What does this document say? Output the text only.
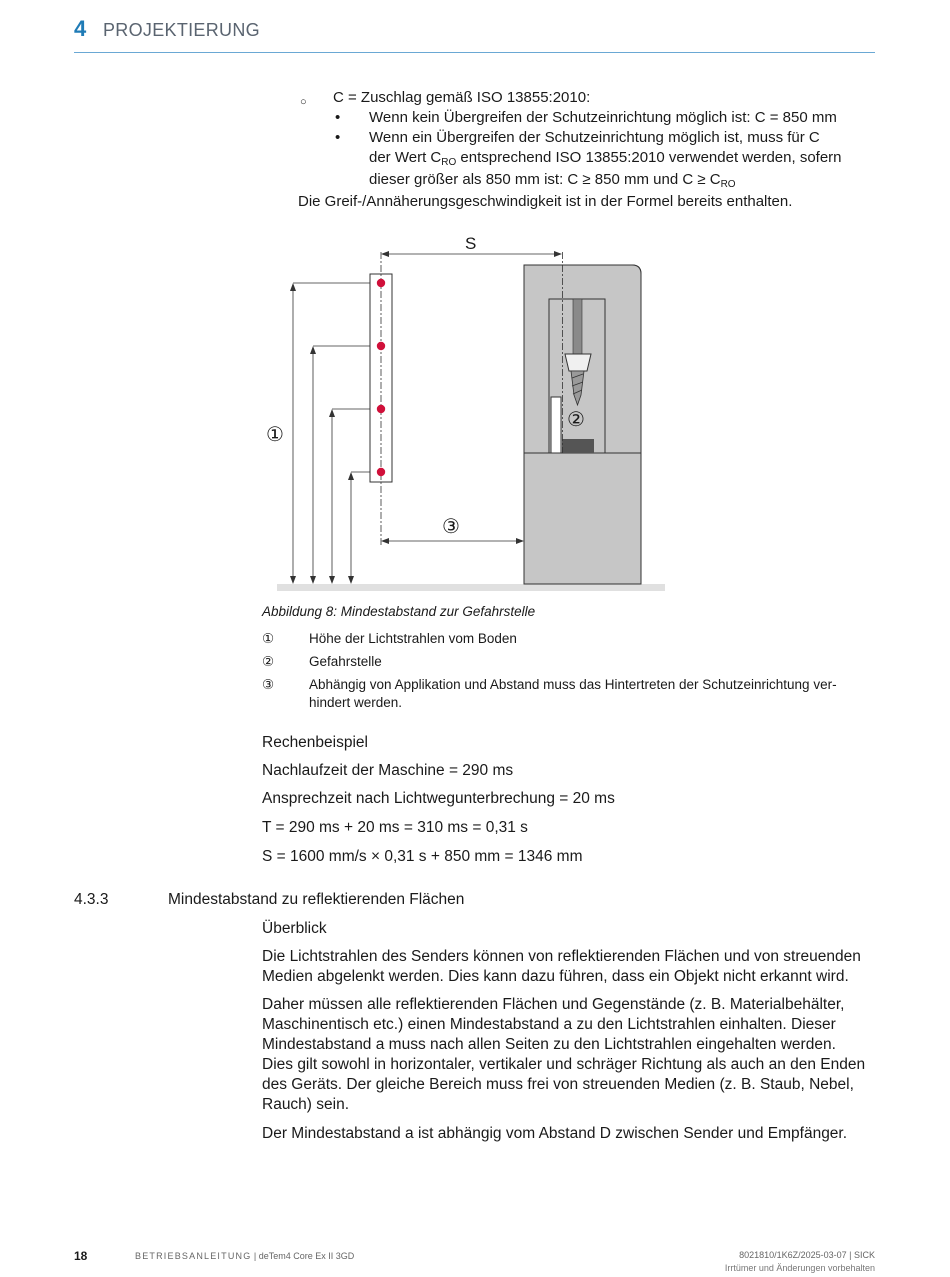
4 PROJEKTIERUNG
○ C = Zuschlag gemäß ISO 13855:2010:
• Wenn kein Übergreifen der Schutzeinrichtung möglich ist: C = 850 mm
• Wenn ein Übergreifen der Schutzeinrichtung möglich ist, muss für C
der Wert $C_{RO}$ entsprechend ISO 13855:2010 verwendet werden, sofern
dieser größer als 850 mm ist: C ≥ 850 mm und $C \ge C_{RO}$
Die Greif-/Annäherungsgeschwindigkeit ist in der Formel bereits enthalten.
S
①
②
③
Abbildung 8: Mindestabstand zur Gefahrstelle
①	Höhe der Lichtstrahlen vom Boden
②	Gefahrstelle
③	Abhängig von Applikation und Abstand muss das Hintertreten der Schutzeinrichtung ver-
hindert werden.
Rechenbeispiel
Nachlaufzeit der Maschine = 290 ms
Ansprechzeit nach Lichtwegunterbrechung = 20 ms
T = 290 ms + 20 ms = 310 ms = 0,31 s
S = 1600 mm/s × 0,31 s + 850 mm = 1346 mm
4.3.3	Mindestabstand zu reflektierenden Flächen
Überblick
Die Lichtstrahlen des Senders können von reflektierenden Flächen und von streuenden
Medien abgelenkt werden. Dies kann dazu führen, dass ein Objekt nicht erkannt wird.
Daher müssen alle reflektierenden Flächen und Gegenstände (z. B. Materialbehälter,
Maschinentisch etc.) einen Mindestabstand a zu den Lichtstrahlen einhalten. Dieser
Mindestabstand a muss nach allen Seiten zu den Lichtstrahlen eingehalten werden.
Dies gilt sowohl in horizontaler, vertikaler und schräger Richtung als auch an den Enden
des Geräts. Der gleiche Bereich muss frei von streuenden Medien (z. B. Staub, Nebel,
Rauch) sein.
Der Mindestabstand a ist abhängig vom Abstand D zwischen Sender und Empfänger.
18	BETRIEBSANLEITUNG | deTem4 Core Ex II 3GD	8021810/1K6Z/2025-03-07 | SICK
Irrtümer und Änderungen vorbehalten
